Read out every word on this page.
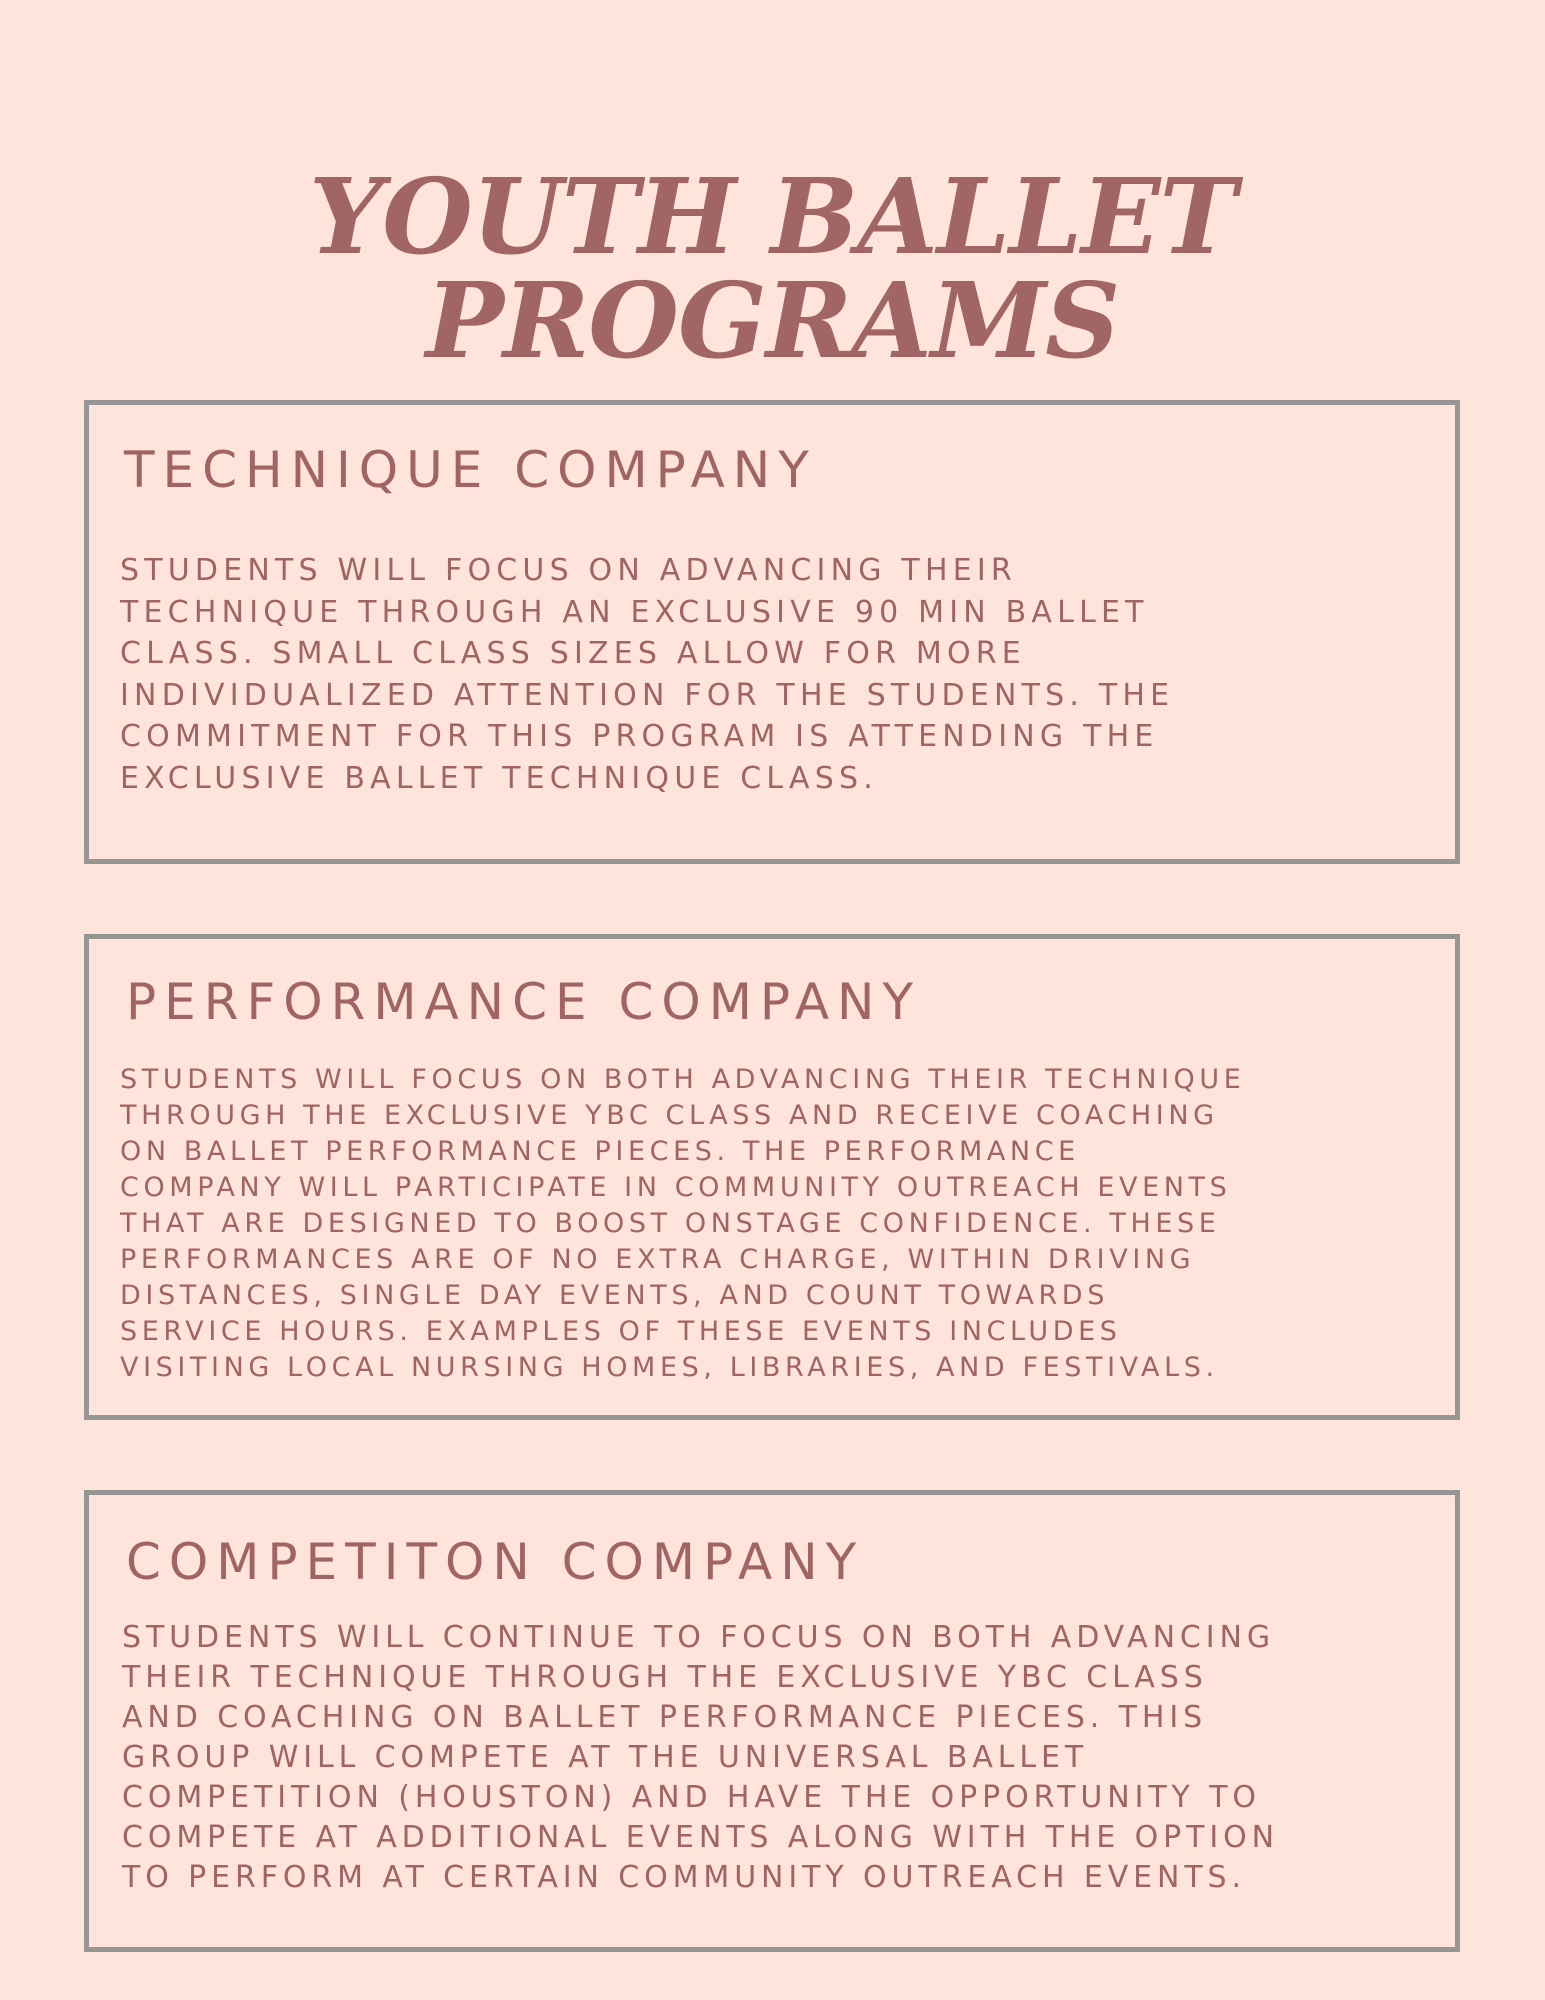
YOUTH BALLET
PROGRAMS
TECHNIQUE COMPANY

STUDENTS WILL FOCUS ON ADVANCING THEIR
TECHNIQUE THROUGH AN EXCLUSIVE 90 MIN BALLET
CLASS. SMALL CLASS SIZES ALLOW FOR MORE
INDIVIDUALIZED ATTENTION FOR THE STUDENTS. THE
COMMITMENT FOR THIS PROGRAM IS ATTENDING THE
EXCLUSIVE BALLET TECHNIQUE CLASS.

PERFORMANCE COMPANY

STUDENTS WILL FOCUS ON BOTH ADVANCING THEIR TECHNIQUE
THROUGH THE EXCLUSIVE YBC CLASS AND RECEIVE COACHING
ON BALLET PERFORMANCE PIECES. THE PERFORMANCE
COMPANY WILL PARTICIPATE IN COMMUNITY OUTREACH EVENTS
THAT ARE DESIGNED TO BOOST ONSTAGE CONFIDENCE. THESE
PERFORMANCES ARE OF NO EXTRA CHARGE, WITHIN DRIVING
DISTANCES, SINGLE DAY EVENTS, AND COUNT TOWARDS
SERVICE HOURS. EXAMPLES OF THESE EVENTS INCLUDES
VISITING LOCAL NURSING HOMES, LIBRARIES, AND FESTIVALS.

COMPETITON COMPANY

STUDENTS WILL CONTINUE TO FOCUS ON BOTH ADVANCING
THEIR TECHNIQUE THROUGH THE EXCLUSIVE YBC CLASS
AND COACHING ON BALLET PERFORMANCE PIECES. THIS
GROUP WILL COMPETE AT THE UNIVERSAL BALLET
COMPETITION (HOUSTON) AND HAVE THE OPPORTUNITY TO
COMPETE AT ADDITIONAL EVENTS ALONG WITH THE OPTION
TO PERFORM AT CERTAIN COMMUNITY OUTREACH EVENTS.
